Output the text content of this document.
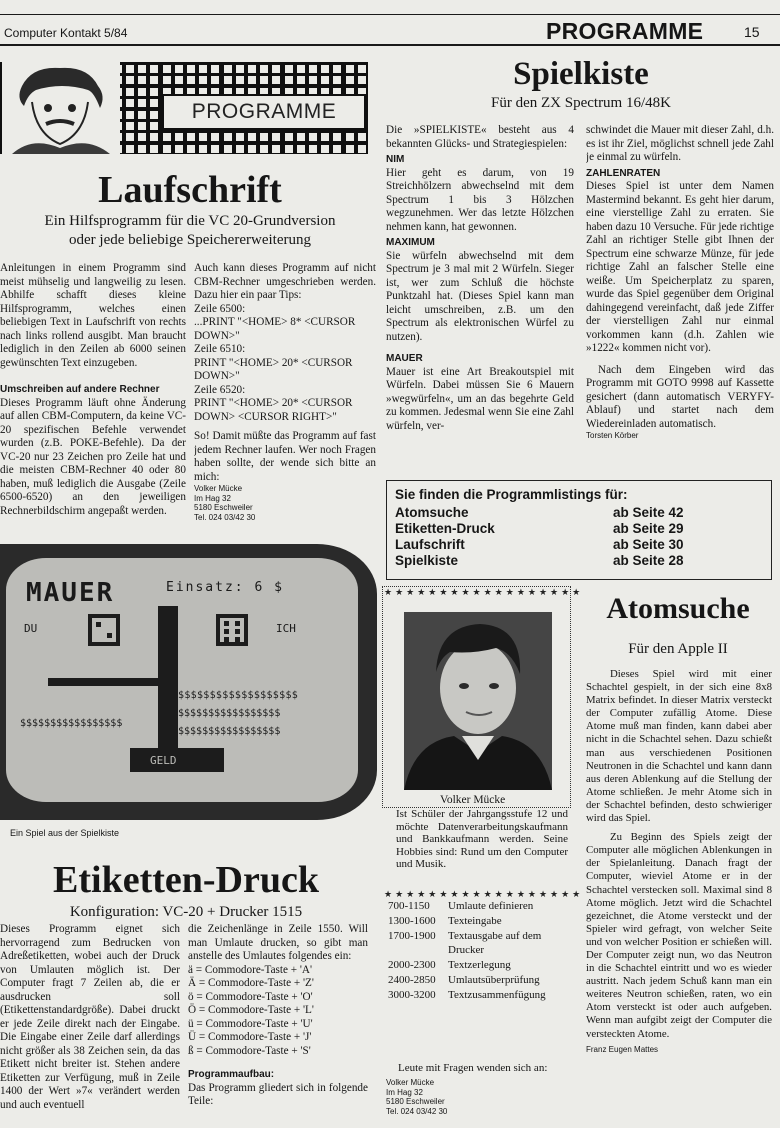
Computer Kontakt 5/84	PROGRAMME	15
PROGRAMME
Laufschrift
Ein Hilfsprogramm für die VC 20-Grundversion
oder jede beliebige Speichererweiterung

Anleitungen in einem Programm sind meist mühselig und langweilig zu lesen. Abhilfe schafft dieses kleine Hilfsprogramm, welches einen beliebigen Text in Laufschrift von rechts nach links rollend ausgibt. Man braucht lediglich in den Zeilen ab 6000 seinen gewünschten Text einzugeben.

Umschreiben auf andere Rechner

Dieses Programm läuft ohne Änderung auf allen CBM-Computern, da keine VC-20 spezifischen Befehle verwendet wurden (z.B. POKE-Befehle). Da der VC-20 nur 23 Zeichen pro Zeile hat und die meisten CBM-Rechner 40 oder 80 haben, muß lediglich die Ausgabe (Zeile 6500-6520) an den jeweiligen Rechnerbildschirm angepaßt werden.

Auch kann dieses Programm auf nicht CBM-Rechner umgeschrieben werden. Dazu hier ein paar Tips:

Zeile 6500:
...PRINT "<HOME> 8* <CURSOR DOWN>"
Zeile 6510:
PRINT "<HOME> 20* <CURSOR DOWN>"
Zeile 6520:
PRINT "<HOME> 20* <CURSOR DOWN> <CURSOR RIGHT>"

So! Damit müßte das Programm auf fast jedem Rechner laufen. Wer noch Fragen haben sollte, der wende sich bitte an mich:

Volker Mücke
Im Hag 32
5180 Eschweiler
Tel. 024 03/42 30

MAUER	Einsatz: 6 $
DU	ICH
$$$$$$$$$$$$$$$$$$$
$$$$$$$$$$$$$$$$$
$$$$$$$$$$$$$$$$$
$$$$$$$$$$$$$$$$$
GELD
Ein Spiel aus der Spielkiste
Etiketten-Druck
Konfiguration: VC-20 + Drucker 1515

Dieses Programm eignet sich hervorragend zum Bedrucken von Adreßetiketten, wobei auch der Druck von Umlauten möglich ist. Der Computer fragt 7 Zeilen ab, die er ausdrucken soll (Etikettenstandardgröße). Dabei druckt er jede Zeile direkt nach der Eingabe. Die Eingabe einer Zeile darf allerdings nicht größer als 38 Zeichen sein, da das Etikett nicht breiter ist. Stehen andere Etiketten zur Verfügung, muß in Zeile 1400 der Wert »7« verändert werden und auch eventuell

die Zeichenlänge in Zeile 1550. Will man Umlaute drucken, so gibt man anstelle des Umlautes folgendes ein:

ä = Commodore-Taste + 'A'
Ä = Commodore-Taste + 'Z'
ö = Commodore-Taste + 'O'
Ö = Commodore-Taste + 'L'
ü = Commodore-Taste + 'U'
Ü = Commodore-Taste + 'J'
ß = Commodore-Taste + 'S'

Programmaufbau:

Das Programm gliedert sich in folgende Teile:

Spielkiste
Für den ZX Spectrum 16/48K

Die »SPIELKISTE« besteht aus 4 bekannten Glücks- und Strategiespielen:

NIM

Hier geht es darum, von 19 Streichhölzern abwechselnd mit dem Spectrum 1 bis 3 Hölzchen wegzunehmen. Wer das letzte Hölzchen nehmen kann, hat gewonnen.

MAXIMUM

Sie würfeln abwechselnd mit dem Spectrum je 3 mal mit 2 Würfeln. Sieger ist, wer zum Schluß die höchste Punktzahl hat. (Dieses Spiel kann man leicht umschreiben, z.B. um den Spectrum als elektronischen Würfel zu nutzen).

MAUER

Mauer ist eine Art Breakoutspiel mit Würfeln. Dabei müssen Sie 6 Mauern »wegwürfeln«, um an das begehrte Geld zu kommen. Jedesmal wenn Sie eine Zahl würfeln, ver-

schwindet die Mauer mit dieser Zahl, d.h. es ist ihr Ziel, möglichst schnell jede Zahl je einmal zu würfeln.

ZAHLENRATEN

Dieses Spiel ist unter dem Namen Mastermind bekannt. Es geht hier darum, eine vierstellige Zahl zu erraten. Sie haben dazu 10 Versuche. Für jede richtige Zahl an richtiger Stelle gibt Ihnen der Spectrum eine schwarze Münze, für jede richtige Zahl an falscher Stelle eine weiße. Um Speicherplatz zu sparen, wurde das Spiel gegenüber dem Original dahingegend vereinfacht, daß jede Ziffer der vierstelligen Zahl nur einmal vorkommen kann (d.h. Zahlen wie »1222« kommen nicht vor).

Nach dem Eingeben wird das Programm mit GOTO 9998 auf Kassette gesichert (dann automatisch VERYFY-Ablauf) und startet nach dem Wiedereinladen automatisch.

Torsten Körber

Sie finden die Programmlistings für:
Atomsuche	ab Seite 42
Etiketten-Druck	ab Seite 29
Laufschrift	ab Seite 30
Spielkiste	ab Seite 28
★★★★★★★★★★★★★★★★★★
Volker Mücke
Ist Schüler der Jahrgangsstufe 12 und möchte Datenverarbeitungskaufmann und Bankkaufmann werden. Seine Hobbies sind: Rund um den Computer und Musik.
★★★★★★★★★★★★★★★★★★
700-1150	Umlaute definieren
1300-1600	Texteingabe
1700-1900	Textausgabe auf dem Drucker
2000-2300	Textzerlegung
2400-2850	Umlautsüberprüfung
3000-3200	Textzusammenfügung
Leute mit Fragen wenden sich an:
Volker Mücke
Im Hag 32
5180 Eschweiler
Tel. 024 03/42 30
Atomsuche
Für den Apple II

Dieses Spiel wird mit einer Schachtel gespielt, in der sich eine 8x8 Matrix befindet. In dieser Matrix versteckt der Computer zufällig Atome. Diese Atome muß man finden, kann dabei aber nicht in die Schachtel sehen. Dazu schießt man aus verschiedenen Positionen Neutronen in die Schachtel und kann dann aus deren Ablenkung auf die Stellung der Atome schließen. Je mehr Atome sich in der Schachtel befinden, desto schwieriger wird das Spiel.

Zu Beginn des Spiels zeigt der Computer alle möglichen Ablenkungen in der Spielanleitung. Danach fragt der Computer, wieviel Atome er in der Schachtel verstecken soll. Maximal sind 8 Atome möglich. Jetzt wird die Schachtel gezeichnet, die Atome versteckt und der Spieler wird gefragt, von welcher Seite und von welcher Position er schießen will. Der Computer zeigt nun, wo das Neutron in die Schachtel eintritt und wo es wieder austritt. Nach jedem Schuß kann man ein weiteres Neutron schießen, raten, wo ein Atom versteckt ist oder auch aufgeben. Wenn man aufgibt zeigt der Computer die versteckten Atome.

Franz Eugen Mattes
